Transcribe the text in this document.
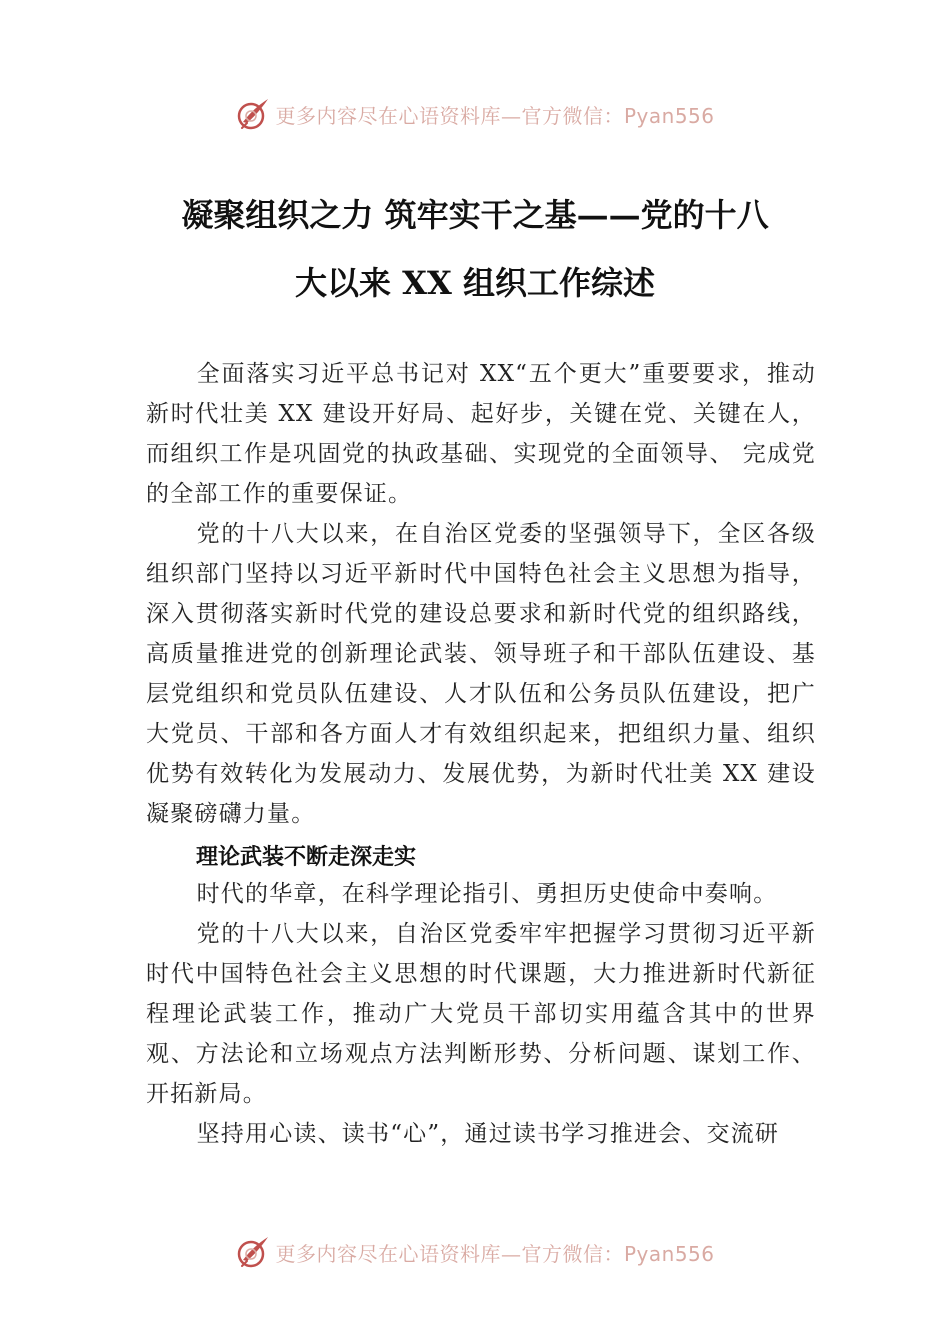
更多内容尽在心语资料库—官方微信：Pyan556
凝聚组织之力 筑牢实干之基——党的十八
大以来 XX 组织工作综述

全面落实习近平总书记对 XX“五个更大”重要要求，推动新时代壮美 XX 建设开好局、起好步，关键在党、关键在人，而组织工作是巩固党的执政基础、实现党的全面领导、 完成党的全部工作的重要保证。

党的十八大以来，在自治区党委的坚强领导下，全区各级组织部门坚持以习近平新时代中国特色社会主义思想为指导，深入贯彻落实新时代党的建设总要求和新时代党的组织路线，高质量推进党的创新理论武装、领导班子和干部队伍建设、基层党组织和党员队伍建设、人才队伍和公务员队伍建设，把广大党员、干部和各方面人才有效组织起来，把组织力量、组织优势有效转化为发展动力、发展优势，为新时代壮美 XX 建设凝聚磅礴力量。

理论武装不断走深走实

时代的华章，在科学理论指引、勇担历史使命中奏响。

党的十八大以来，自治区党委牢牢把握学习贯彻习近平新时代中国特色社会主义思想的时代课题，大力推进新时代新征程理论武装工作，推动广大党员干部切实用蕴含其中的世界观、方法论和立场观点方法判断形势、分析问题、谋划工作、开拓新局。

坚持用心读、读书“心”，通过读书学习推进会、交流研

更多内容尽在心语资料库—官方微信：Pyan556
